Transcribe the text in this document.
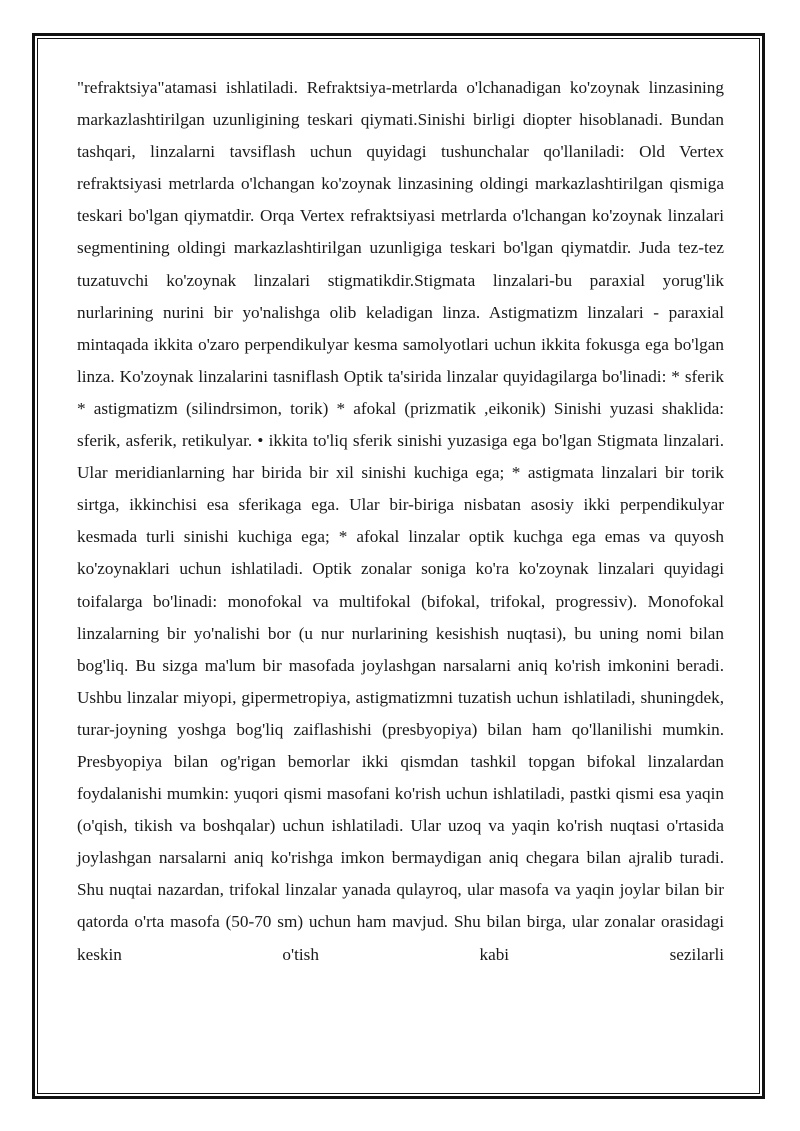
"refraktsiya"atamasi ishlatiladi. Refraktsiya-metrlarda o'lchanadigan ko'zoynak linzasining markazlashtirilgan uzunligining teskari qiymati.Sinishi birligi diopter hisoblanadi. Bundan tashqari, linzalarni tavsiflash uchun quyidagi tushunchalar qo'llaniladi: Old Vertex refraktsiyasi metrlarda o'lchangan ko'zoynak linzasining oldingi markazlashtirilgan qismiga teskari bo'lgan qiymatdir. Orqa Vertex refraktsiyasi metrlarda o'lchangan ko'zoynak linzalari segmentining oldingi markazlashtirilgan uzunligiga teskari bo'lgan qiymatdir. Juda tez-tez tuzatuvchi ko'zoynak linzalari stigmatikdir.Stigmata linzalari-bu paraxial yorug'lik nurlarining nurini bir yo'nalishga olib keladigan linza. Astigmatizm linzalari - paraxial mintaqada ikkita o'zaro perpendikulyar kesma samolyotlari uchun ikkita fokusga ega bo'lgan linza. Ko'zoynak linzalarini tasniflash Optik ta'sirida linzalar quyidagilarga bo'linadi: * sferik * astigmatizm (silindrsimon, torik) * afokal (prizmatik ,eikonik) Sinishi yuzasi shaklida: sferik, asferik, retikulyar. • ikkita to'liq sferik sinishi yuzasiga ega bo'lgan Stigmata linzalari. Ular meridianlarning har birida bir xil sinishi kuchiga ega; * astigmata linzalari bir torik sirtga, ikkinchisi esa sferikaga ega. Ular bir-biriga nisbatan asosiy ikki perpendikulyar kesmada turli sinishi kuchiga ega; * afokal linzalar optik kuchga ega emas va quyosh ko'zoynaklari uchun ishlatiladi. Optik zonalar soniga ko'ra ko'zoynak linzalari quyidagi toifalarga bo'linadi: monofokal va multifokal (bifokal, trifokal, progressiv). Monofokal linzalarning bir yo'nalishi bor (u nur nurlarining kesishish nuqtasi), bu uning nomi bilan bog'liq. Bu sizga ma'lum bir masofada joylashgan narsalarni aniq ko'rish imkonini beradi. Ushbu linzalar miyopi, gipermetropiya, astigmatizmni tuzatish uchun ishlatiladi, shuningdek, turar-joyning yoshga bog'liq zaiflashishi (presbyopiya) bilan ham qo'llanilishi mumkin. Presbyopiya bilan og'rigan bemorlar ikki qismdan tashkil topgan bifokal linzalardan foydalanishi mumkin: yuqori qismi masofani ko'rish uchun ishlatiladi, pastki qismi esa yaqin (o'qish, tikish va boshqalar) uchun ishlatiladi. Ular uzoq va yaqin ko'rish nuqtasi o'rtasida joylashgan narsalarni aniq ko'rishga imkon bermaydigan aniq chegara bilan ajralib turadi. Shu nuqtai nazardan, trifokal linzalar yanada qulayroq, ular masofa va yaqin joylar bilan bir qatorda o'rta masofa (50-70 sm) uchun ham mavjud. Shu bilan birga, ular zonalar orasidagi keskin o'tish kabi sezilarli
